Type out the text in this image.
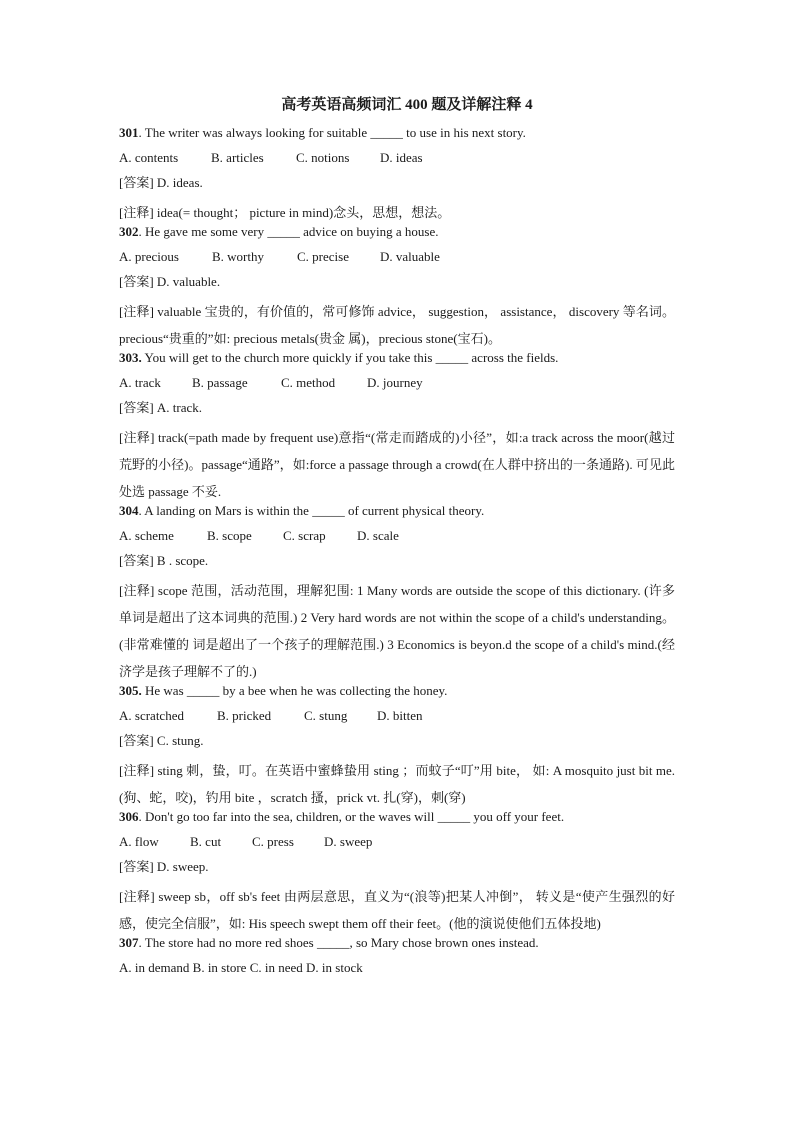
高考英语高频词汇 400 题及详解注释 4
301. The writer was always looking for suitable _____ to use in his next story.
A. contents	B. articles	C. notions	D. ideas
[答案] D. ideas.
[注释] idea(= thought； picture in mind)念头，思想，想法。
302. He gave me some very _____ advice on buying a house.
A. precious	B. worthy	C. precise	D. valuable
[答案] D. valuable.
[注释] valuable 宝贵的，有价值的，常可修饰 advice， suggestion， assistance， discovery 等名词。 precious“贵重的”如: precious metals(贵金 属)，precious stone(宝石)。
303. You will get to the church more quickly if you take this _____ across the fields.
A. track	B. passage	C. method	D. journey
[答案] A. track.
[注释] track(=path made by frequent use)意指“(常走而踏成的)小径”，如:a track across the moor(越过荒野的小径)。passage“通路”，如:force a passage through a crowd(在人群中挤出的一条通路). 可见此处选 passage 不妥.
304. A landing on Mars is within the _____ of current physical theory.
A. scheme	B. scope	C. scrap	D. scale
[答案] B . scope.
[注释] scope 范围，活动范围，理解犯围: 1 Many words are outside the scope of this dictionary. (许多单词是超出了这本词典的范围.) 2 Very hard words are not within the scope of a child's understanding。(非常难懂的 词是超出了一个孩子的理解范围.) 3 Economics is beyon.d the scope of a child's mind.(经济学是孩子理解不了的.)
305. He was _____ by a bee when he was collecting the honey.
A. scratched	B. pricked	C. stung	D. bitten
[答案] C. stung.
[注释] sting 刺，蛰，叮。在英语中蜜蜂蛰用 sting ；而蚊子“叮”用 bite， 如: A mosquito just bit me.(狗、蛇，咬)，钓用 bite ，scratch 搔，prick vt. 扎(穿)，刺(穿)
306. Don't go too far into the sea, children, or the waves will _____ you off your feet.
A. flow	B. cut	C. press	D. sweep
[答案] D. sweep.
[注释] sweep sb，off sb's feet 由两层意思，直义为“(浪等)把某人冲倒”， 转义是“使产生强烈的好感，使完全信服”，如: His speech swept them off their feet。(他的演说使他们五体投地)
307. The store had no more red shoes _____, so Mary chose brown ones instead.
A. in demand B. in store C. in need D. in stock
